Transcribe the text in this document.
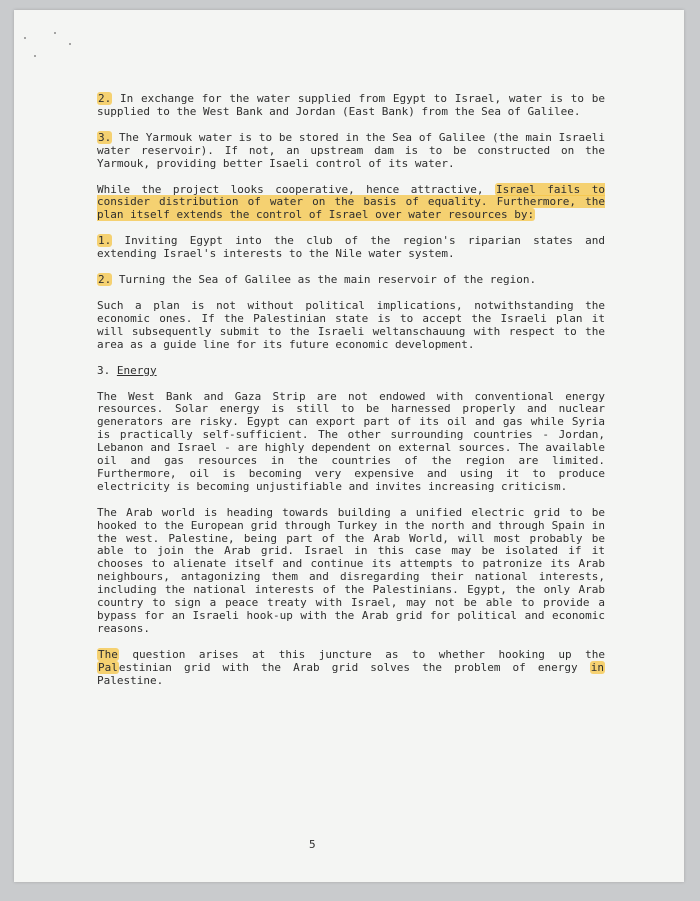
2. In exchange for the water supplied from Egypt to Israel, water is to be supplied to the West Bank and Jordan (East Bank) from the Sea of Galilee.

3. The Yarmouk water is to be stored in the Sea of Galilee (the main Israeli water reservoir). If not, an upstream dam is to be constructed on the Yarmouk, providing better Isaeli control of its water.

While the project looks cooperative, hence attractive, Israel fails to consider distribution of water on the basis of equality. Furthermore, the plan itself extends the control of Israel over water resources by:

1. Inviting Egypt into the club of the region's riparian states and extending Israel's interests to the Nile water system.

2. Turning the Sea of Galilee as the main reservoir of the region.

Such a plan is not without political implications, notwithstanding the economic ones. If the Palestinian state is to accept the Israeli plan it will subsequently submit to the Israeli weltanschauung with respect to the area as a guide line for its future economic development.

3. Energy

The West Bank and Gaza Strip are not endowed with conventional energy resources. Solar energy is still to be harnessed properly and nuclear generators are risky. Egypt can export part of its oil and gas while Syria is practically self-sufficient. The other surrounding countries - Jordan, Lebanon and Israel - are highly dependent on external sources. The available oil and gas resources in the countries of the region are limited. Furthermore, oil is becoming very expensive and using it to produce electricity is becoming unjustifiable and invites increasing criticism.

The Arab world is heading towards building a unified electric grid to be hooked to the European grid through Turkey in the north and through Spain in the west. Palestine, being part of the Arab World, will most probably be able to join the Arab grid. Israel in this case may be isolated if it chooses to alienate itself and continue its attempts to patronize its Arab neighbours, antagonizing them and disregarding their national interests, including the national interests of the Palestinians. Egypt, the only Arab country to sign a peace treaty with Israel, may not be able to provide a bypass for an Israeli hook-up with the Arab grid for political and economic reasons.

The question arises at this juncture as to whether hooking up the Palestinian grid with the Arab grid solves the problem of energy in Palestine.

5
